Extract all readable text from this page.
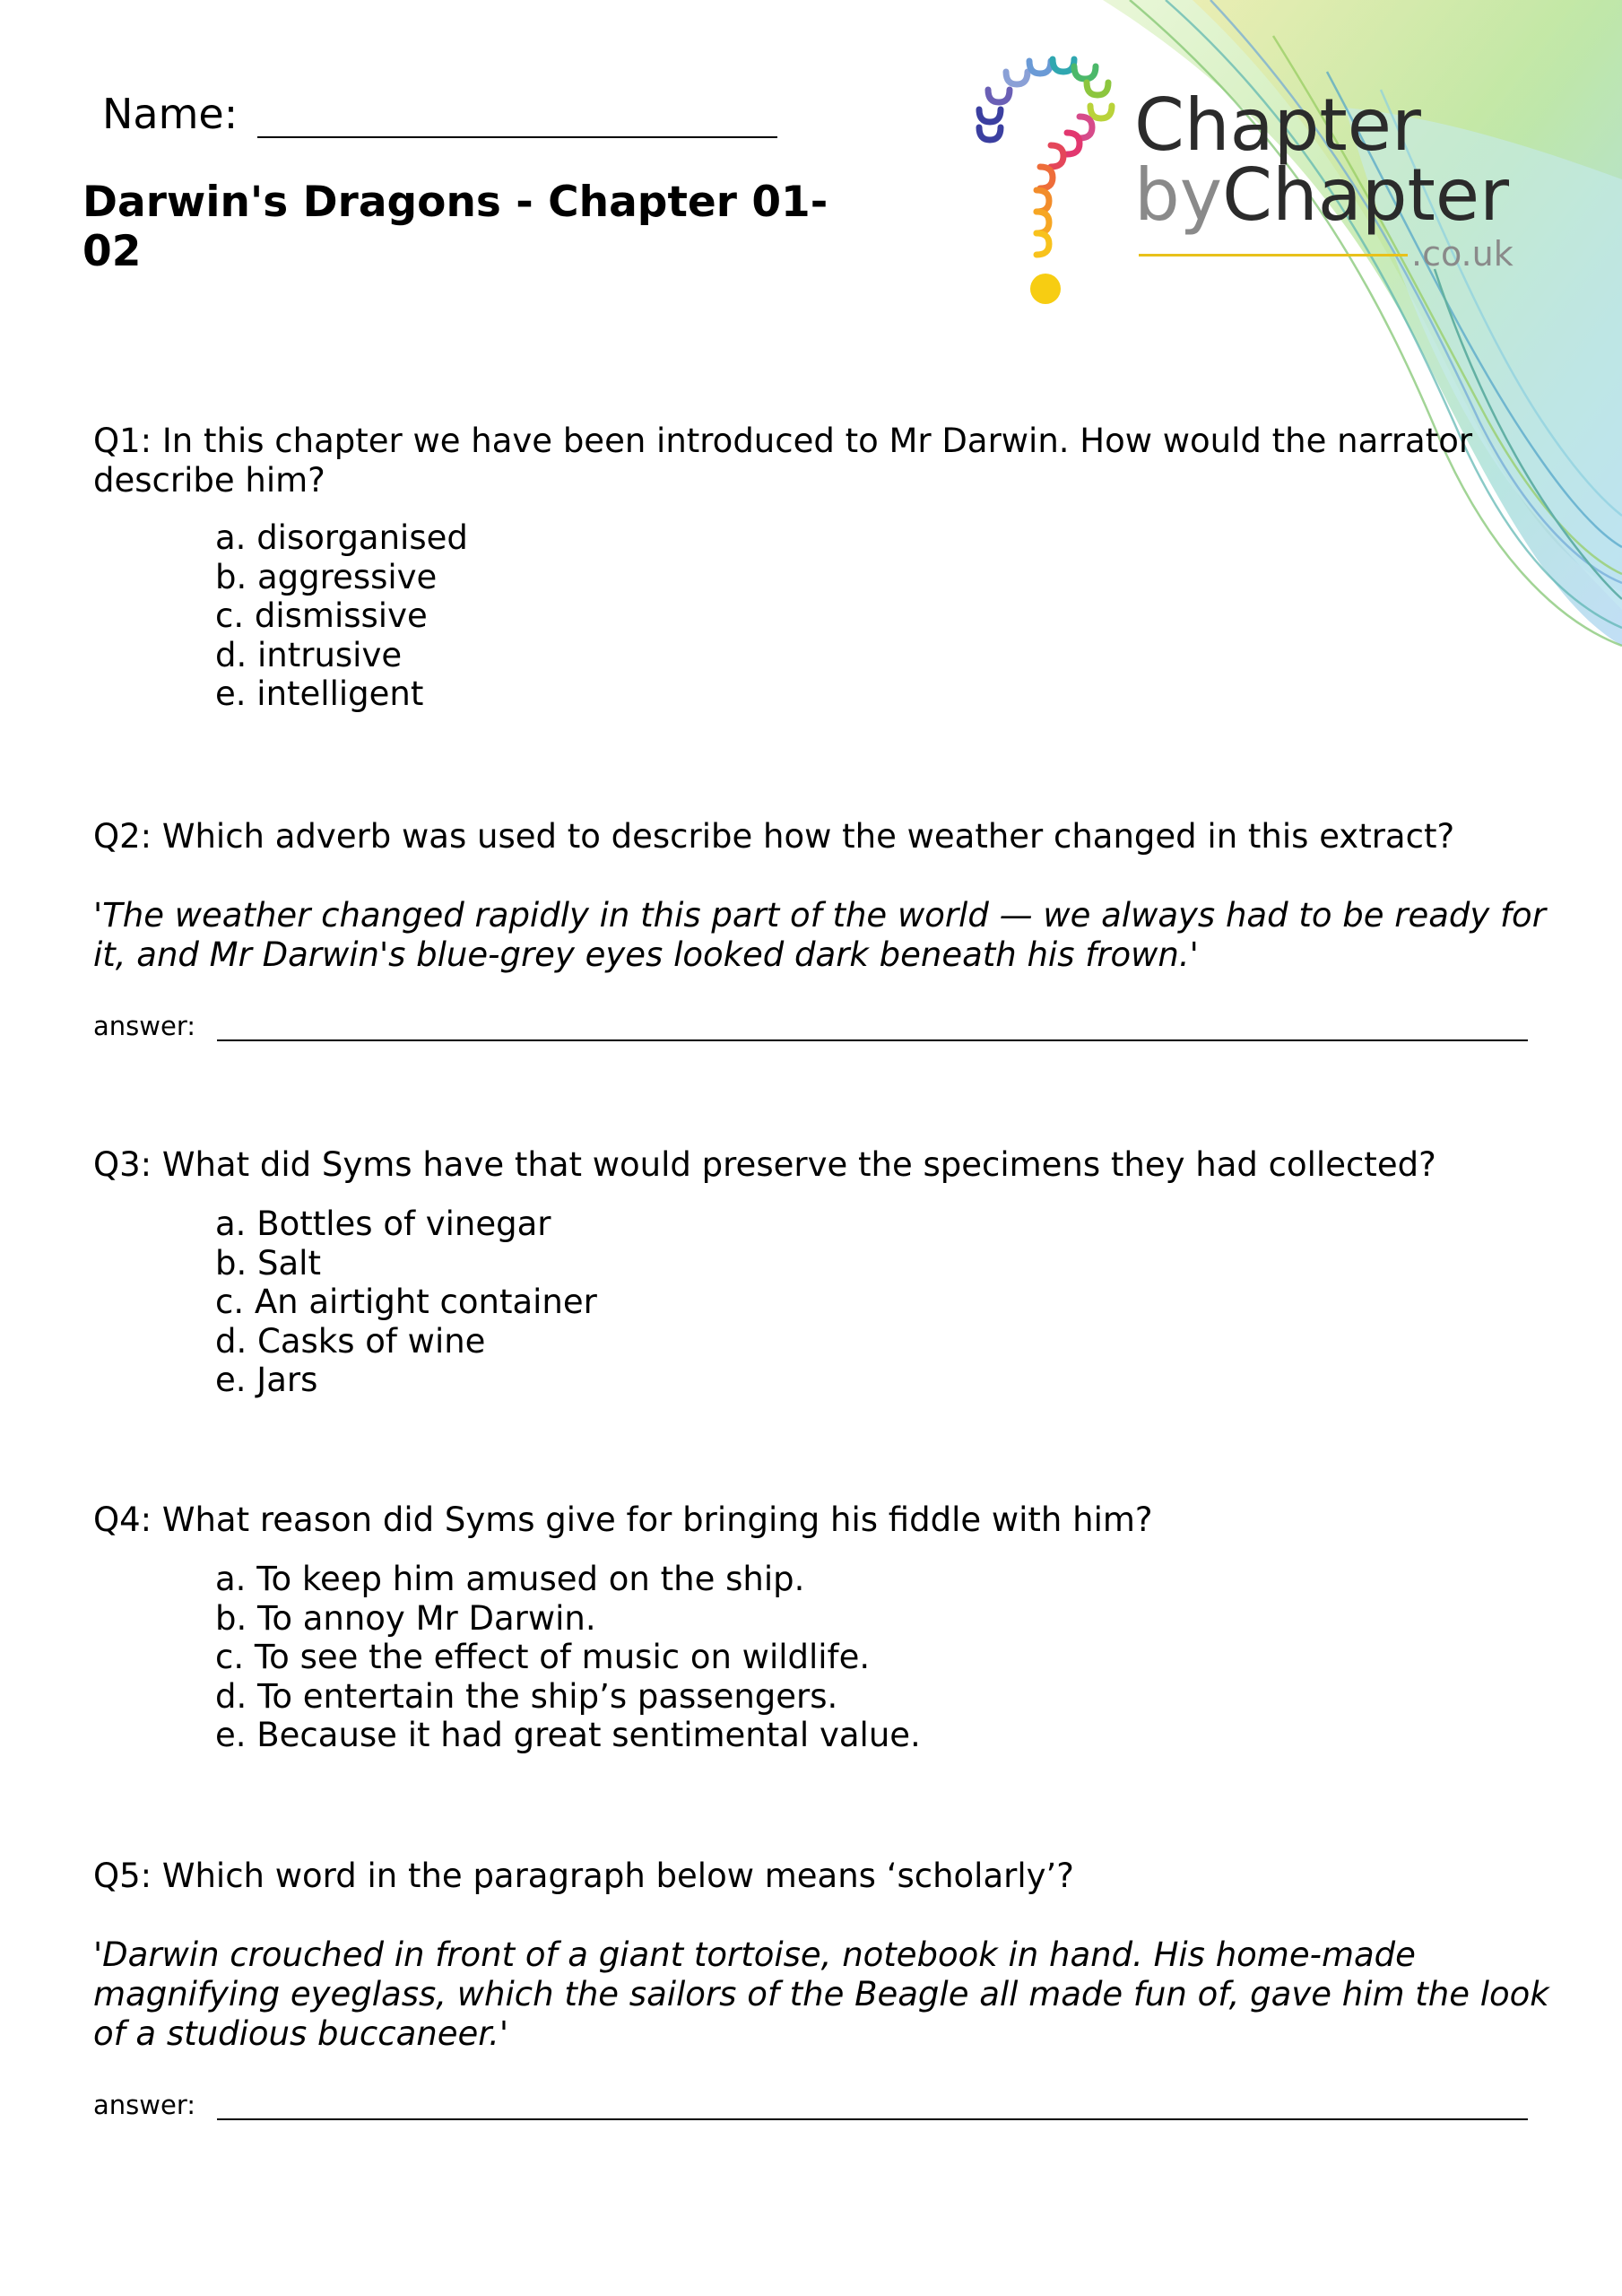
Name:
Darwin's Dragons - Chapter 01-02
Chapter
byChapter
.co.uk
Q1: In this chapter we have been introduced to Mr Darwin. How would the narrator describe him?
a. disorganised
b. aggressive
c. dismissive
d. intrusive
e. intelligent
Q2: Which adverb was used to describe how the weather changed in this extract?
'The weather changed rapidly in this part of the world — we always had to be ready for it, and Mr Darwin's blue-grey eyes looked dark beneath his frown.'
answer:
Q3: What did Syms have that would preserve the specimens they had collected?
a. Bottles of vinegar
b. Salt
c. An airtight container
d. Casks of wine
e. Jars
Q4: What reason did Syms give for bringing his fiddle with him?
a. To keep him amused on the ship.
b. To annoy Mr Darwin.
c. To see the effect of music on wildlife.
d. To entertain the ship’s passengers.
e. Because it had great sentimental value.
Q5: Which word in the paragraph below means ‘scholarly’?
'Darwin crouched in front of a giant tortoise, notebook in hand. His home-made magnifying eyeglass, which the sailors of the Beagle all made fun of, gave him the look of a studious buccaneer.'
answer:
